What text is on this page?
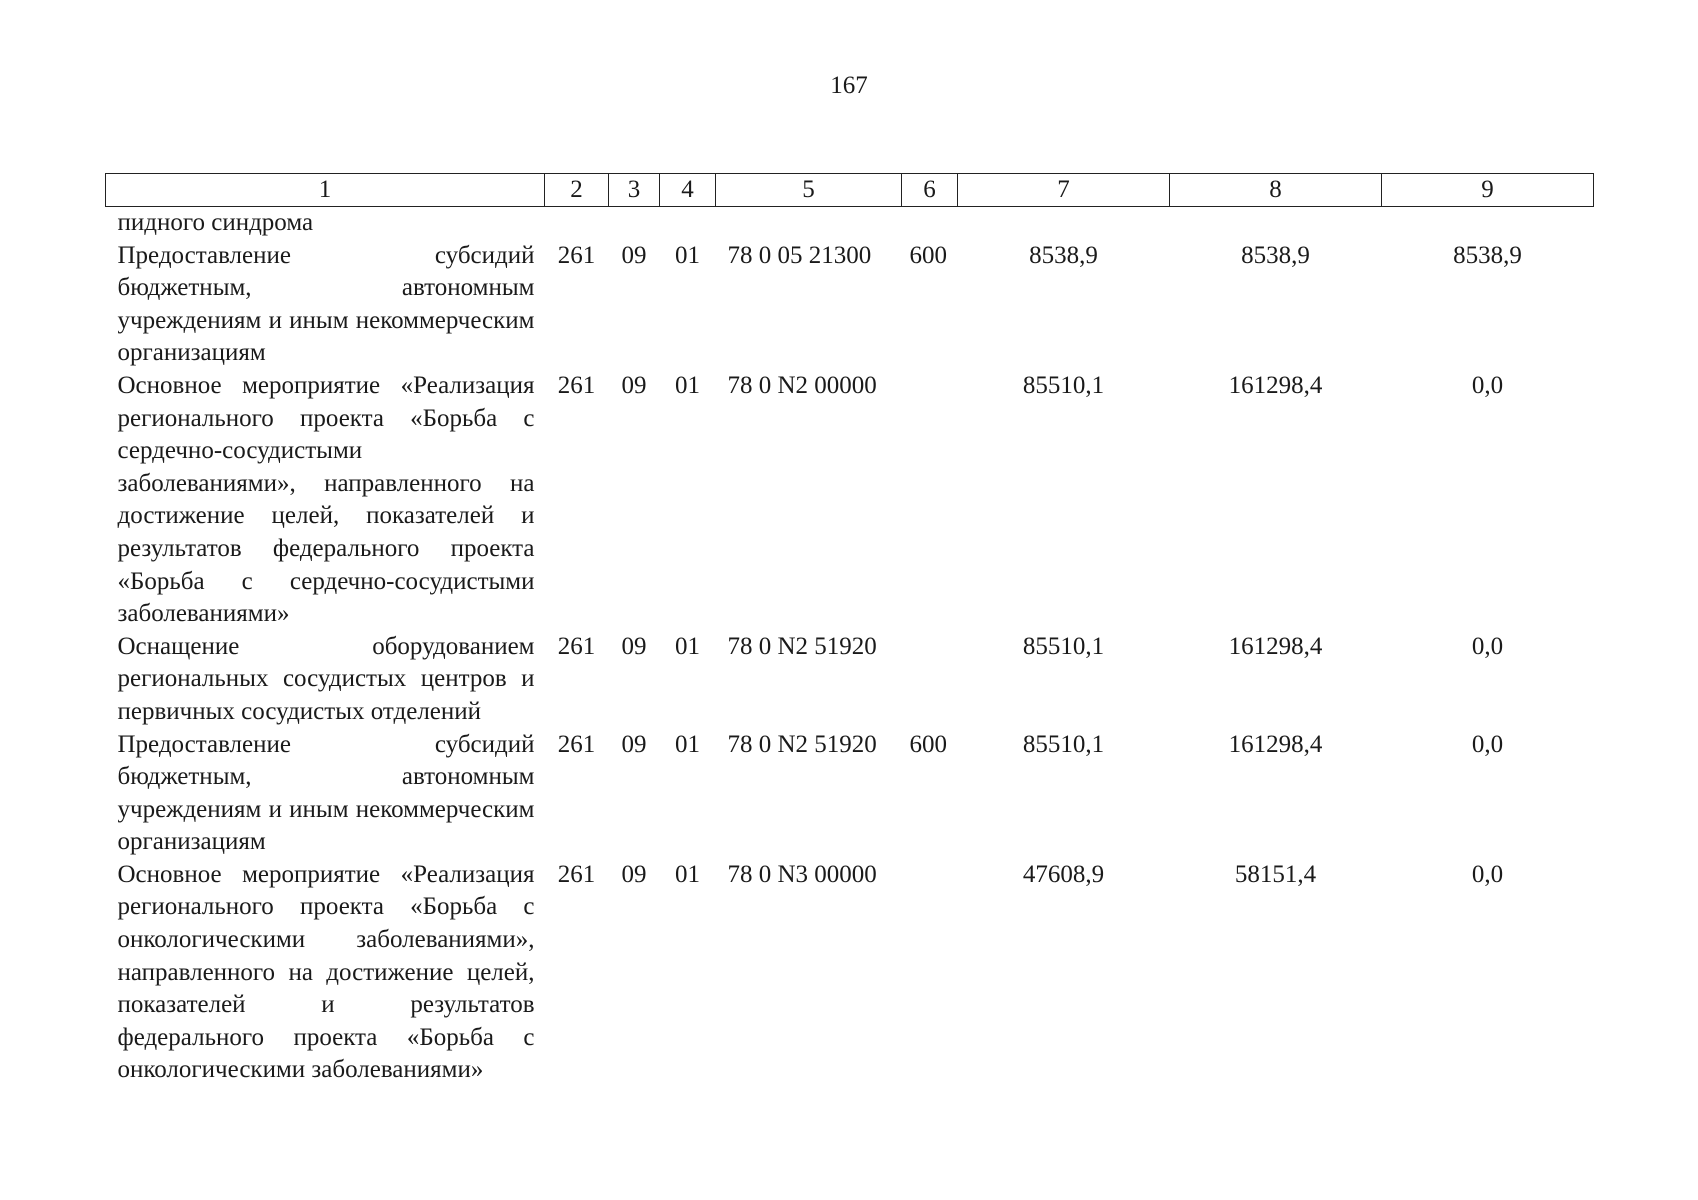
167
1	2	3	4	5	6	7	8	9
пидного синдрома								
Предоставление субсидий бюджетным, автономным учреждениям и иным некоммерческим организациям	261	09	01	78 0 05 21300	600	8538,9	8538,9	8538,9
Основное мероприятие «Реализация регионального проекта «Борьба с сердечно-сосудистыми заболеваниями», направленного на достижение целей, показателей и результатов федерального проекта «Борьба с сердечно-сосудистыми заболеваниями»	261	09	01	78 0 N2 00000		85510,1	161298,4	0,0
Оснащение оборудованием региональных сосудистых центров и первичных сосудистых отделений	261	09	01	78 0 N2 51920		85510,1	161298,4	0,0
Предоставление субсидий бюджетным, автономным учреждениям и иным некоммерческим организациям	261	09	01	78 0 N2 51920	600	85510,1	161298,4	0,0
Основное мероприятие «Реализация регионального проекта «Борьба с онкологическими заболеваниями», направленного на достижение целей, показателей и результатов федерального проекта «Борьба с онкологическими заболеваниями»	261	09	01	78 0 N3 00000		47608,9	58151,4	0,0
